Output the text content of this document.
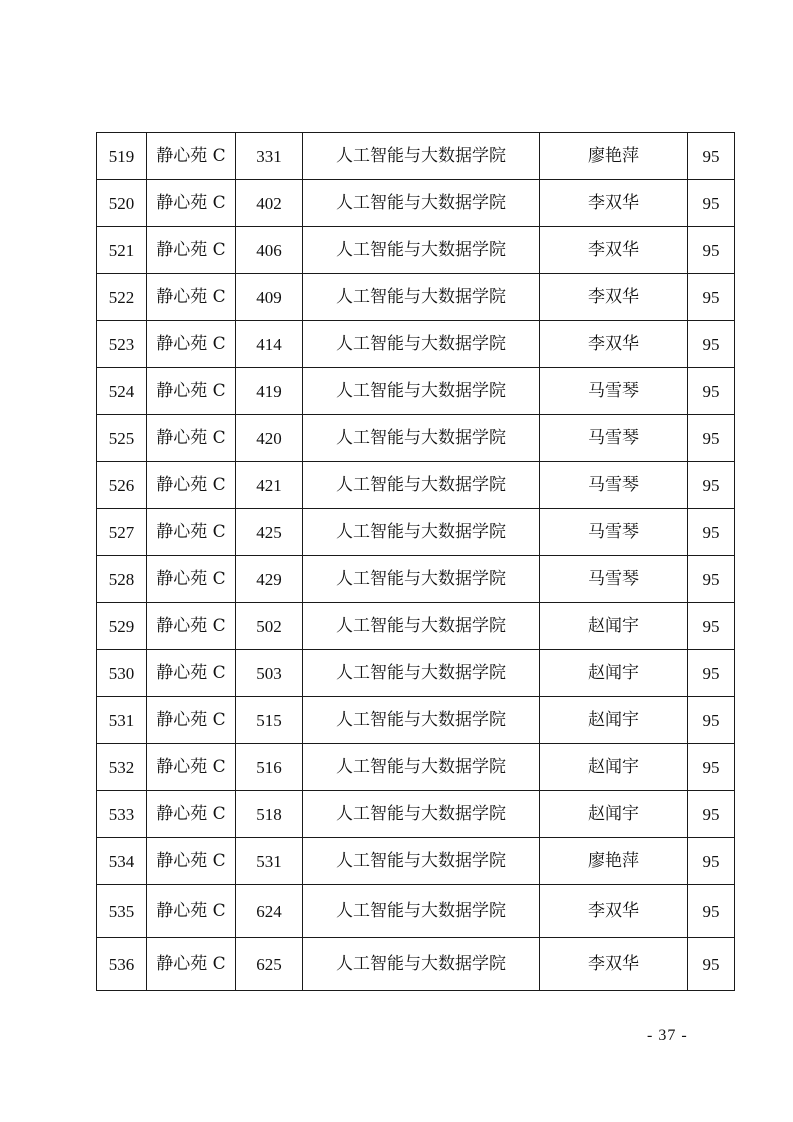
519	静心苑 C	331	人工智能与大数据学院	廖艳萍	95
520	静心苑 C	402	人工智能与大数据学院	李双华	95
521	静心苑 C	406	人工智能与大数据学院	李双华	95
522	静心苑 C	409	人工智能与大数据学院	李双华	95
523	静心苑 C	414	人工智能与大数据学院	李双华	95
524	静心苑 C	419	人工智能与大数据学院	马雪琴	95
525	静心苑 C	420	人工智能与大数据学院	马雪琴	95
526	静心苑 C	421	人工智能与大数据学院	马雪琴	95
527	静心苑 C	425	人工智能与大数据学院	马雪琴	95
528	静心苑 C	429	人工智能与大数据学院	马雪琴	95
529	静心苑 C	502	人工智能与大数据学院	赵闻宇	95
530	静心苑 C	503	人工智能与大数据学院	赵闻宇	95
531	静心苑 C	515	人工智能与大数据学院	赵闻宇	95
532	静心苑 C	516	人工智能与大数据学院	赵闻宇	95
533	静心苑 C	518	人工智能与大数据学院	赵闻宇	95
534	静心苑 C	531	人工智能与大数据学院	廖艳萍	95
535	静心苑 C	624	人工智能与大数据学院	李双华	95
536	静心苑 C	625	人工智能与大数据学院	李双华	95
- 37 -
